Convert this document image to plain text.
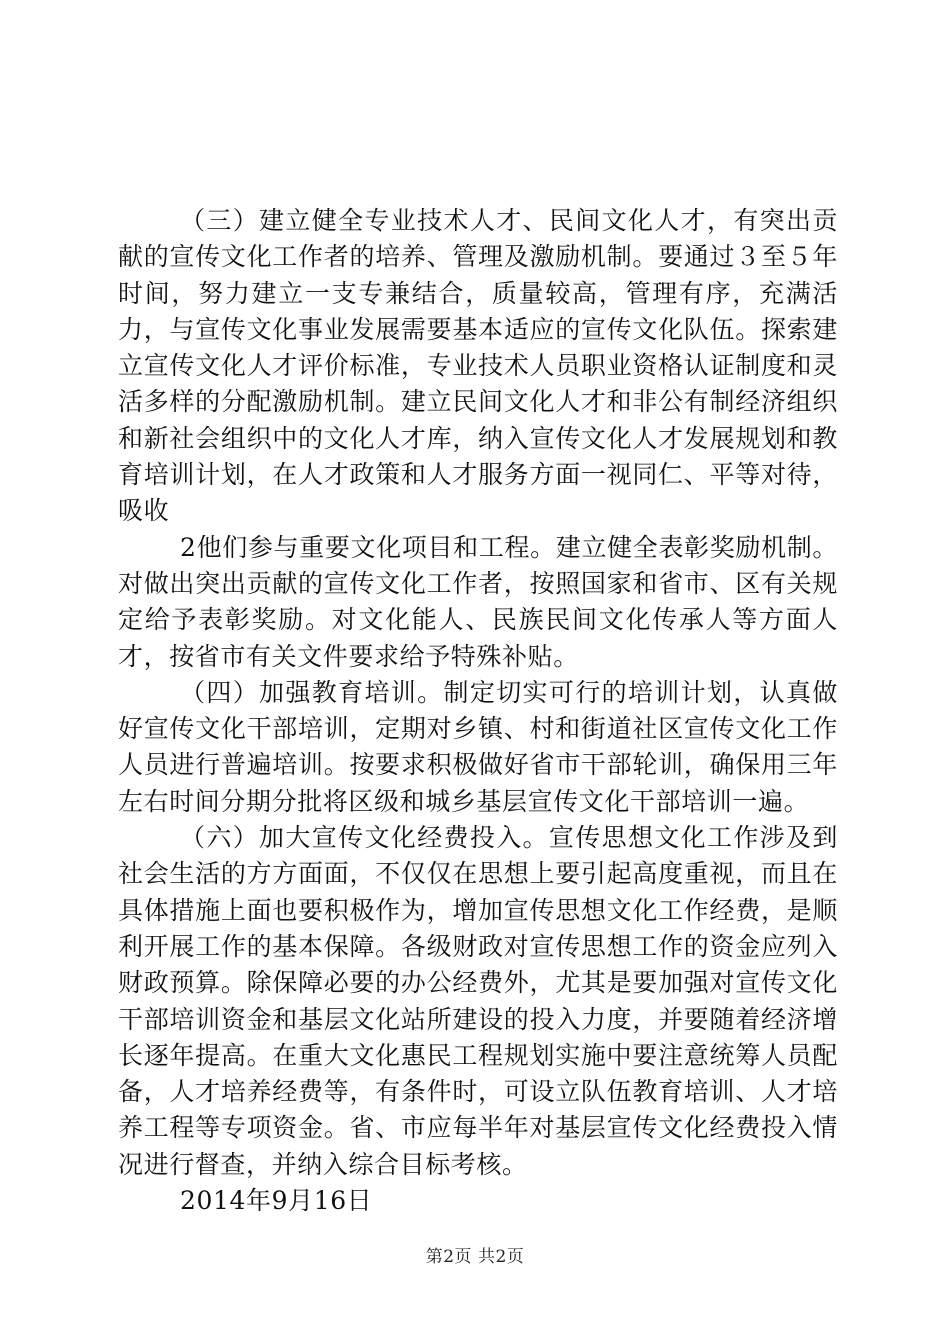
（三）建立健全专业技术人才、民间文化人才，有突出贡献的宣传文化工作者的培养、管理及激励机制。要通过３至５年时间，努力建立一支专兼结合，质量较高，管理有序，充满活力，与宣传文化事业发展需要基本适应的宣传文化队伍。探索建立宣传文化人才评价标准，专业技术人员职业资格认证制度和灵活多样的分配激励机制。建立民间文化人才和非公有制经济组织和新社会组织中的文化人才库，纳入宣传文化人才发展规划和教育培训计划，在人才政策和人才服务方面一视同仁、平等对待，吸收

2他们参与重要文化项目和工程。建立健全表彰奖励机制。对做出突出贡献的宣传文化工作者，按照国家和省市、区有关规定给予表彰奖励。对文化能人、民族民间文化传承人等方面人才，按省市有关文件要求给予特殊补贴。

（四）加强教育培训。制定切实可行的培训计划，认真做好宣传文化干部培训，定期对乡镇、村和街道社区宣传文化工作人员进行普遍培训。按要求积极做好省市干部轮训，确保用三年左右时间分期分批将区级和城乡基层宣传文化干部培训一遍。

（六）加大宣传文化经费投入。宣传思想文化工作涉及到社会生活的方方面面，不仅仅在思想上要引起高度重视，而且在具体措施上面也要积极作为，增加宣传思想文化工作经费，是顺利开展工作的基本保障。各级财政对宣传思想工作的资金应列入财政预算。除保障必要的办公经费外，尤其是要加强对宣传文化干部培训资金和基层文化站所建设的投入力度，并要随着经济增长逐年提高。在重大文化惠民工程规划实施中要注意统筹人员配备，人才培养经费等，有条件时，可设立队伍教育培训、人才培养工程等专项资金。省、市应每半年对基层宣传文化经费投入情况进行督查，并纳入综合目标考核。

2014年9月16日

第2页 共2页
